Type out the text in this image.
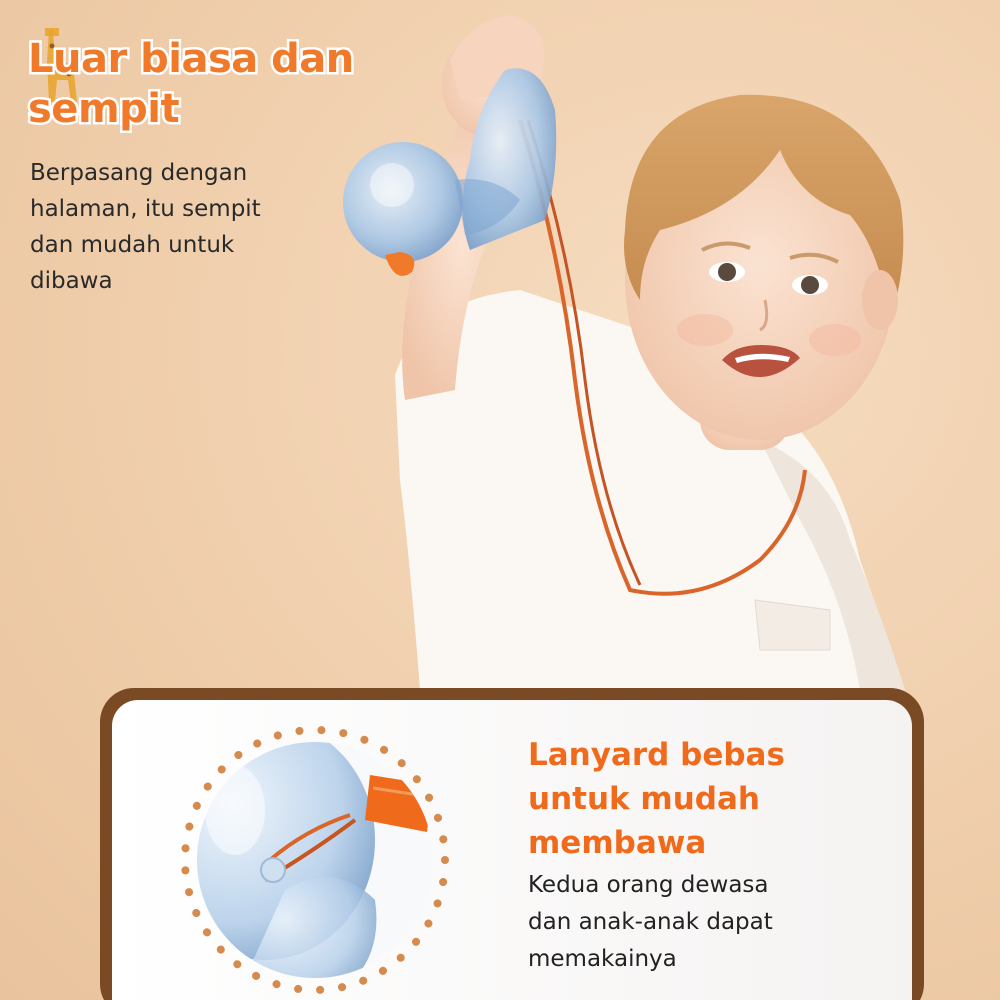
Luar biasa dan
sempit

Berpasang dengan
halaman, itu sempit
dan mudah untuk
dibawa

Lanyard bebas
untuk mudah
membawa
Kedua orang dewasa
dan anak-anak dapat
memakainya
